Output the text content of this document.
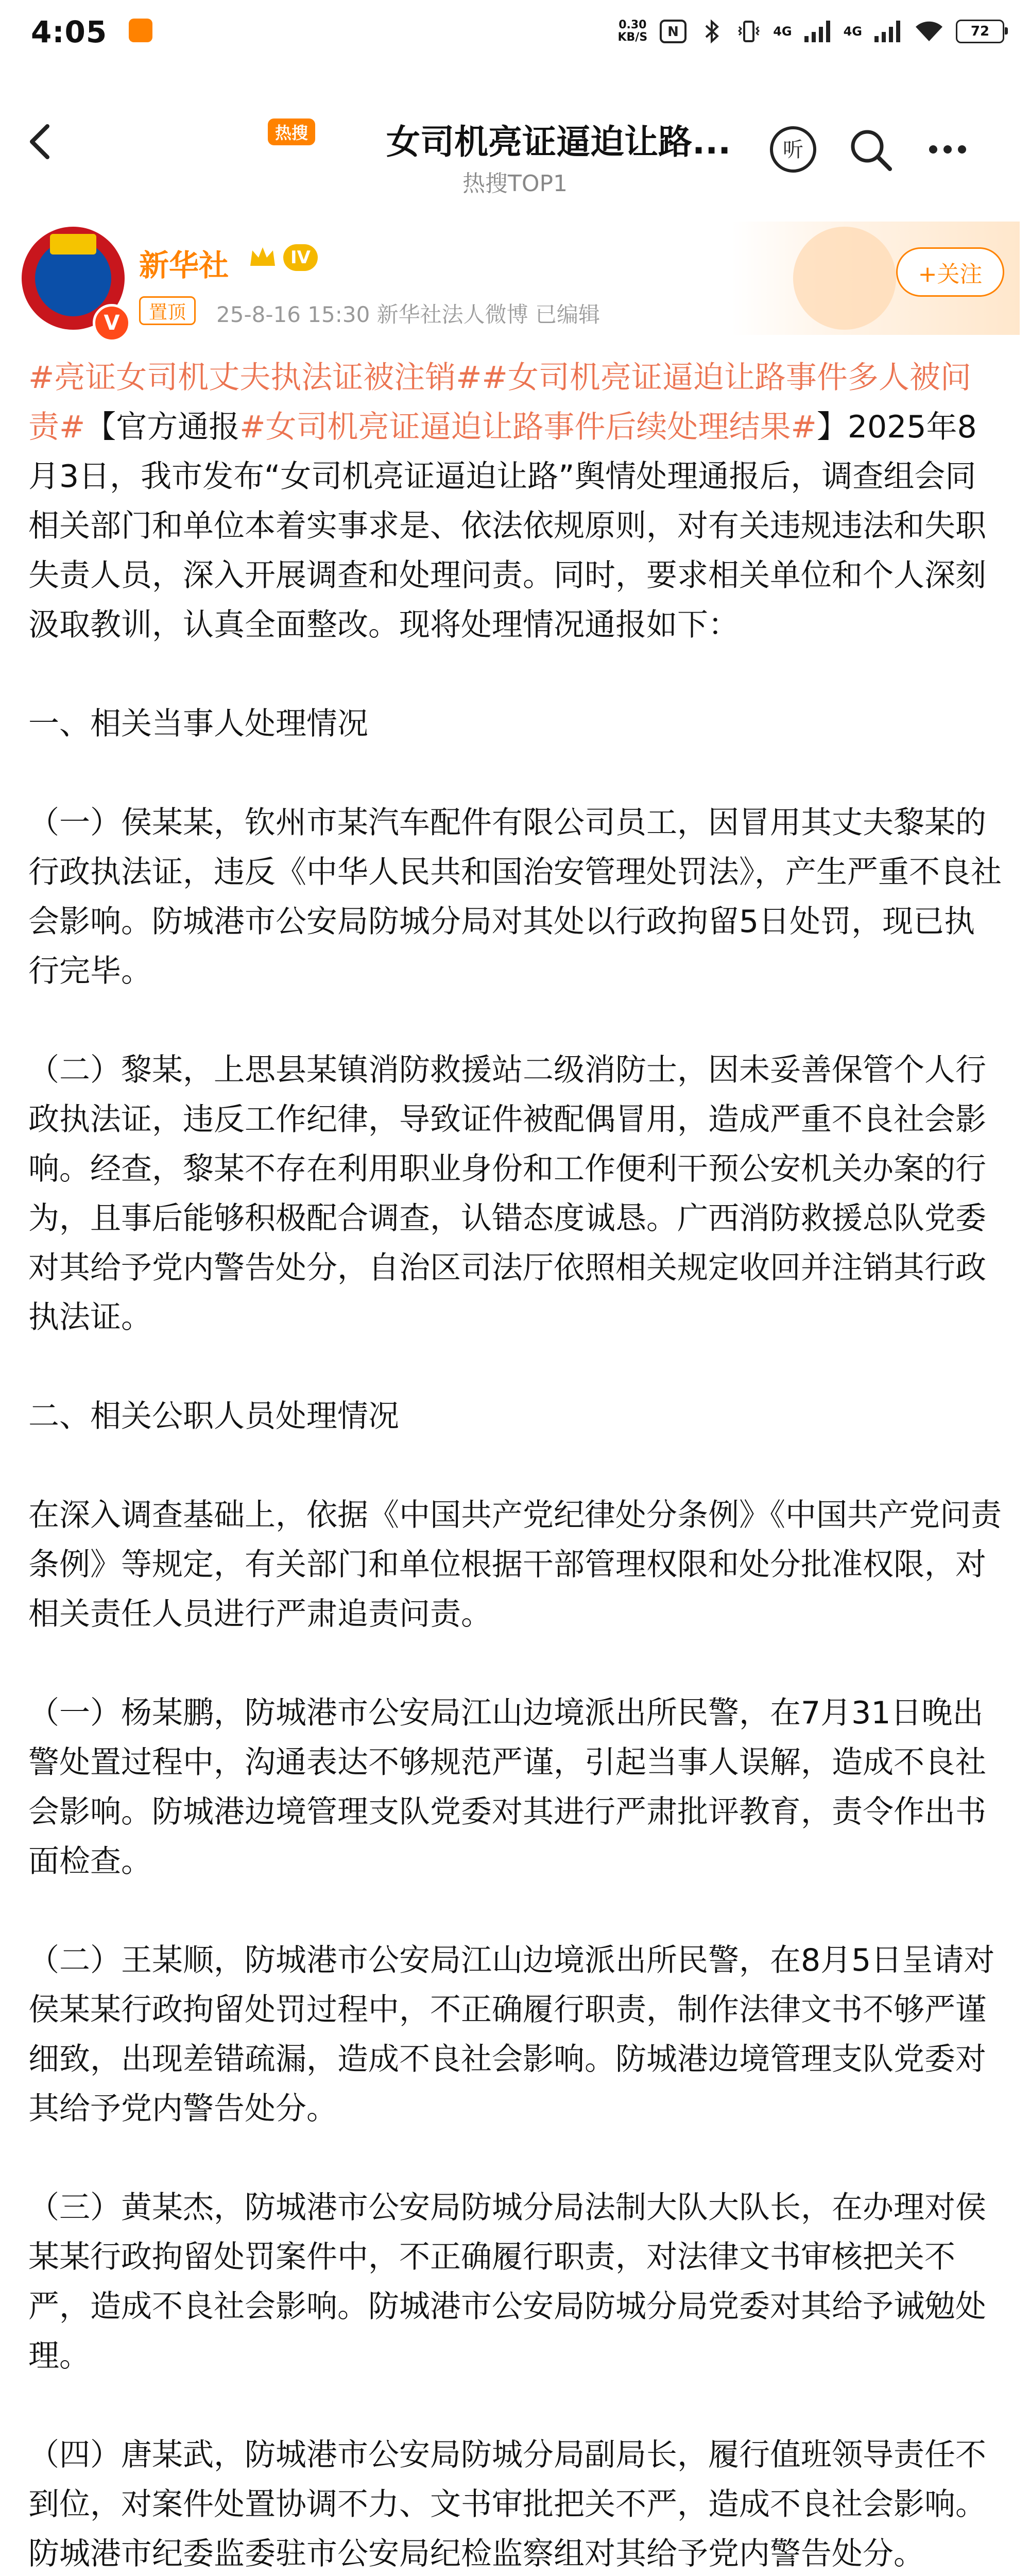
4:05	0.30
KB/S N	4G	4G	72
热搜 女司机亮证逼迫让路...
热搜TOP1
听
V
新华社	IV
置顶	25-8-16 15:30 新华社法人微博 已编辑
+关注

#亮证女司机丈夫执法证被注销##女司机亮证逼迫让路事件多人被问责#【官方通报#女司机亮证逼迫让路事件后续处理结果#】2025年8月3日，我市发布“女司机亮证逼迫让路”舆情处理通报后，调查组会同相关部门和单位本着实事求是、依法依规原则，对有关违规违法和失职失责人员，深入开展调查和处理问责。同时，要求相关单位和个人深刻汲取教训，认真全面整改。现将处理情况通报如下：

一、相关当事人处理情况

（一）侯某某，钦州市某汽车配件有限公司员工，因冒用其丈夫黎某的行政执法证，违反《中华人民共和国治安管理处罚法》，产生严重不良社会影响。防城港市公安局防城分局对其处以行政拘留5日处罚，现已执行完毕。

（二）黎某，上思县某镇消防救援站二级消防士，因未妥善保管个人行政执法证，违反工作纪律，导致证件被配偶冒用，造成严重不良社会影响。经查，黎某不存在利用职业身份和工作便利干预公安机关办案的行为，且事后能够积极配合调查，认错态度诚恳。广西消防救援总队党委对其给予党内警告处分，自治区司法厅依照相关规定收回并注销其行政执法证。

二、相关公职人员处理情况

在深入调查基础上，依据《中国共产党纪律处分条例》《中国共产党问责条例》等规定，有关部门和单位根据干部管理权限和处分批准权限，对相关责任人员进行严肃追责问责。

（一）杨某鹏，防城港市公安局江山边境派出所民警，在7月31日晚出警处置过程中，沟通表达不够规范严谨，引起当事人误解，造成不良社会影响。防城港边境管理支队党委对其进行严肃批评教育，责令作出书面检查。

（二）王某顺，防城港市公安局江山边境派出所民警，在8月5日呈请对侯某某行政拘留处罚过程中，不正确履行职责，制作法律文书不够严谨细致，出现差错疏漏，造成不良社会影响。防城港边境管理支队党委对其给予党内警告处分。

（三）黄某杰，防城港市公安局防城分局法制大队大队长，在办理对侯某某行政拘留处罚案件中，不正确履行职责，对法律文书审核把关不严，造成不良社会影响。防城港市公安局防城分局党委对其给予诫勉处理。

（四）唐某武，防城港市公安局防城分局副局长，履行值班领导责任不到位，对案件处置协调不力、文书审批把关不严，造成不良社会影响。防城港市纪委监委驻市公安局纪检监察组对其给予党内警告处分。
